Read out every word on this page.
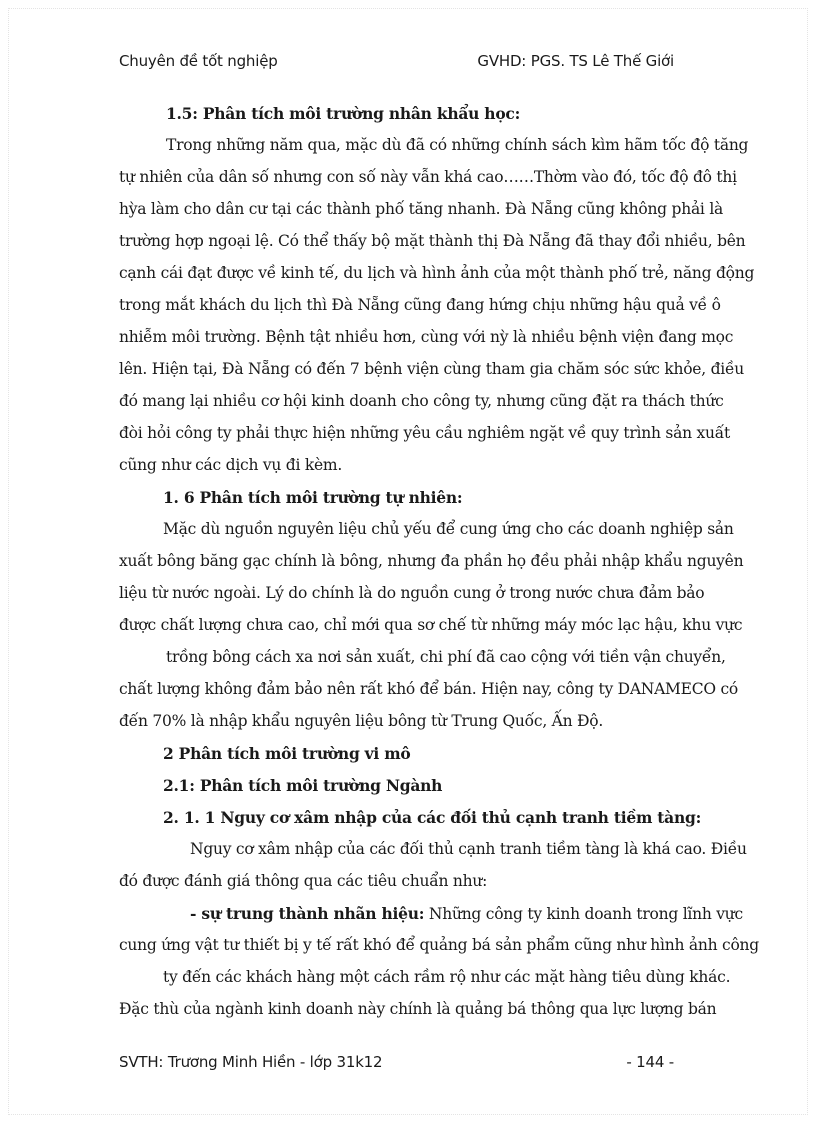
Chuyên đề tốt nghiệp	GVHD: PGS. TS Lê Thế Giới
1.5: Phân tích môi trường nhân khẩu học:
Trong những năm qua, mặc dù đã có những chính sách kìm hãm tốc độ tăng
tự nhiên của dân số nhưng con số này vẫn khá cao……Thờm vào đó, tốc độ đô thị
hỳa làm cho dân cư tại các thành phố tăng nhanh. Đà Nẵng cũng không phải là
trường hợp ngoại lệ. Có thể thấy bộ mặt thành thị Đà Nẵng đã thay đổi nhiều, bên
cạnh cái đạt được về kinh tế, du lịch và hình ảnh của một thành phố trẻ, năng động
trong mắt khách du lịch thì Đà Nẵng cũng đang hứng chịu những hậu quả về ô
nhiễm môi trường. Bệnh tật nhiều hơn, cùng với nỳ là nhiều bệnh viện đang mọc
lên. Hiện tại, Đà Nẵng có đến 7 bệnh viện cùng tham gia chăm sóc sức khỏe, điều
đó mang lại nhiều cơ hội kinh doanh cho công ty, nhưng cũng đặt ra thách thức
đòi hỏi công ty phải thực hiện những yêu cầu nghiêm ngặt về quy trình sản xuất
cũng như các dịch vụ đi kèm.
1. 6 Phân tích môi trường tự nhiên:
Mặc dù nguồn nguyên liệu chủ yếu để cung ứng cho các doanh nghiệp sản
xuất bông băng gạc chính là bông, nhưng đa phần họ đều phải nhập khẩu nguyên
liệu từ nước ngoài. Lý do chính là do nguồn cung ở trong nước chưa đảm bảo
được chất lượng chưa cao, chỉ mới qua sơ chế từ những máy móc lạc hậu, khu vực
trồng bông cách xa nơi sản xuất, chi phí đã cao cộng với tiền vận chuyển,
chất lượng không đảm bảo nên rất khó để bán. Hiện nay, công ty DANAMECO có
đến 70% là nhập khẩu nguyên liệu bông từ Trung Quốc, Ấn Độ.
2 Phân tích môi trường vi mô
2.1: Phân tích môi trường Ngành
2. 1. 1 Nguy cơ xâm nhập của các đối thủ cạnh tranh tiềm tàng:
Nguy cơ xâm nhập của các đối thủ cạnh tranh tiềm tàng là khá cao. Điều
đó được đánh giá thông qua các tiêu chuẩn như:
- sự trung thành nhãn hiệu: Những công ty kinh doanh trong lĩnh vực
cung ứng vật tư thiết bị y tế rất khó để quảng bá sản phẩm cũng như hình ảnh công
ty đến các khách hàng một cách rầm rộ như các mặt hàng tiêu dùng khác.
Đặc thù của ngành kinh doanh này chính là quảng bá thông qua lực lượng bán
SVTH: Trương Minh Hiền - lớp 31k12	- 144 -
